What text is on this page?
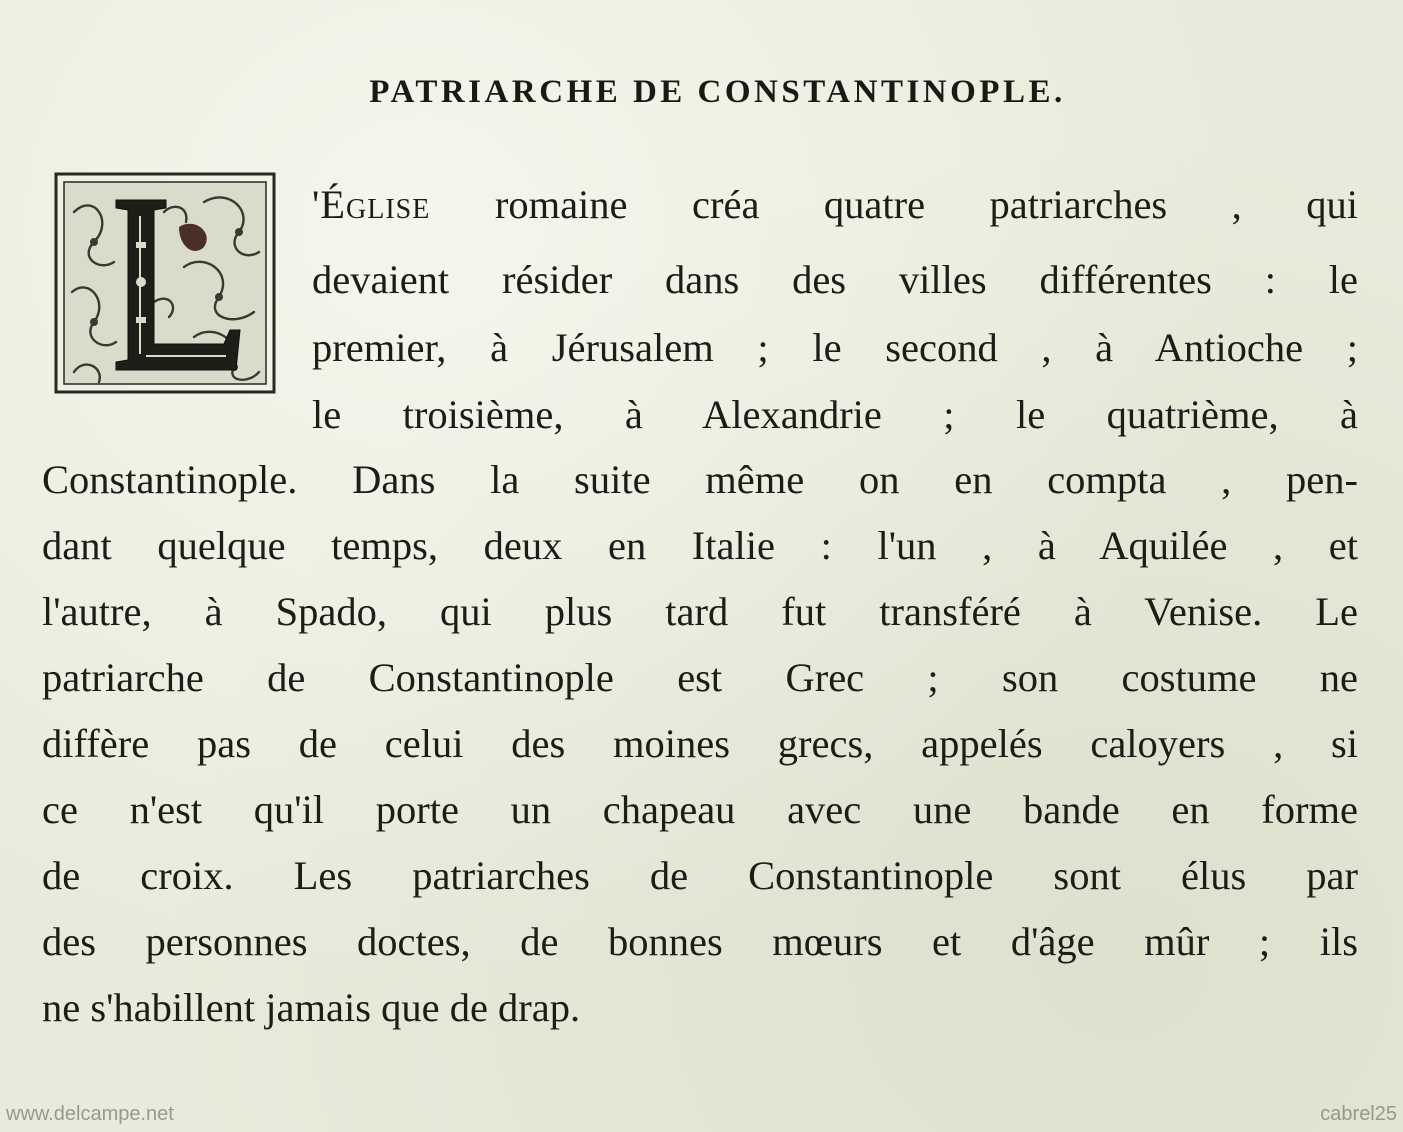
PATRIARCHE DE CONSTANTINOPLE.
'Église romaine créa quatre patriarches , qui
devaient résider dans des villes différentes : le
premier, à Jérusalem ; le second , à Antioche ;
le troisième, à Alexandrie ; le quatrième, à
Constantinople. Dans la suite même on en compta , pen-
dant quelque temps, deux en Italie : l'un , à Aquilée , et
l'autre, à Spado, qui plus tard fut transféré à Venise. Le
patriarche de Constantinople est Grec ; son costume ne
diffère pas de celui des moines grecs, appelés caloyers , si
ce n'est qu'il porte un chapeau avec une bande en forme
de croix. Les patriarches de Constantinople sont élus par
des personnes doctes, de bonnes mœurs et d'âge mûr ; ils
ne s'habillent jamais que de drap.
www.delcampe.net	cabrel25
